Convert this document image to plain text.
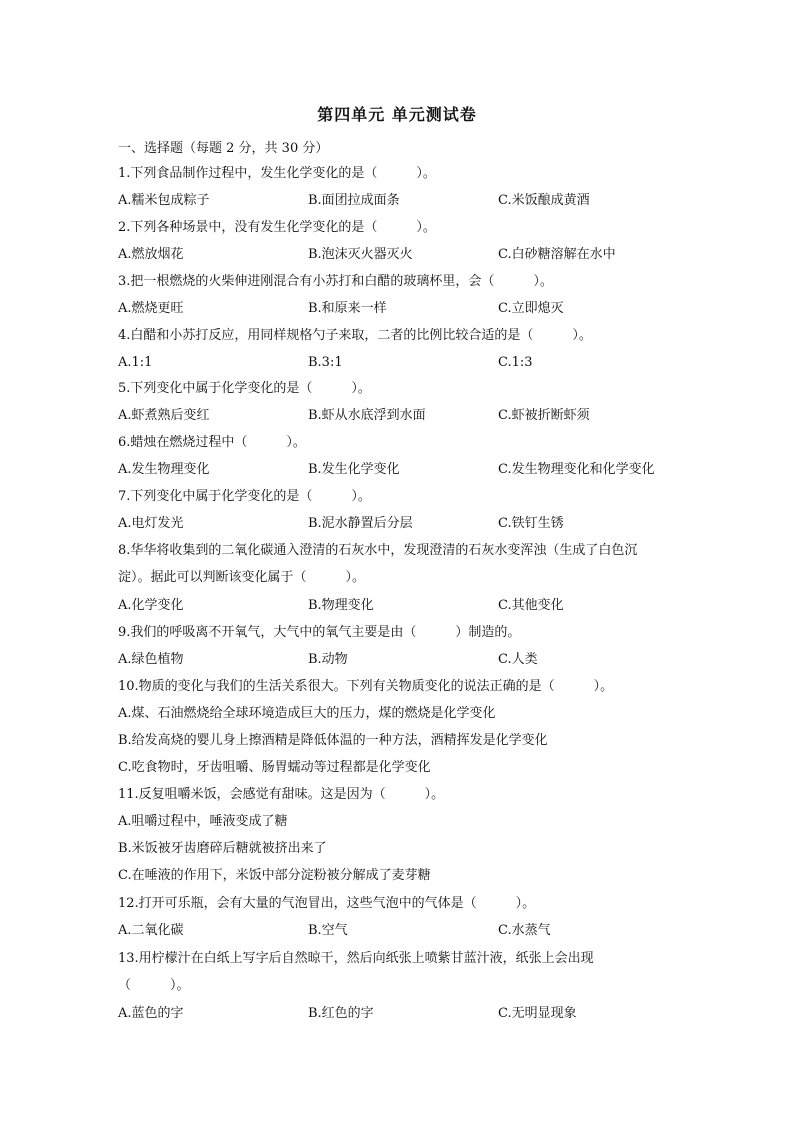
第四单元 单元测试卷
一、选择题（每题 2 分，共 30 分）
1.下列食品制作过程中，发生化学变化的是（　　　）。
A.糯米包成粽子	B.面团拉成面条	C.米饭酿成黄酒
2.下列各种场景中，没有发生化学变化的是（　　　）。
A.燃放烟花	B.泡沫灭火器灭火	C.白砂糖溶解在水中
3.把一根燃烧的火柴伸进刚混合有小苏打和白醋的玻璃杯里，会（　　　）。
A.燃烧更旺	B.和原来一样	C.立即熄灭
4.白醋和小苏打反应，用同样规格勺子来取，二者的比例比较合适的是（　　　）。
A.1:1	B.3:1	C.1:3
5.下列变化中属于化学变化的是（　　　）。
A.虾煮熟后变红	B.虾从水底浮到水面	C.虾被折断虾须
6.蜡烛在燃烧过程中（　　　）。
A.发生物理变化	B.发生化学变化	C.发生物理变化和化学变化
7.下列变化中属于化学变化的是（　　　）。
A.电灯发光	B.泥水静置后分层	C.铁钉生锈
8.华华将收集到的二氧化碳通入澄清的石灰水中，发现澄清的石灰水变浑浊（生成了白色沉
淀）。据此可以判断该变化属于（　　　）。
A.化学变化	B.物理变化	C.其他变化
9.我们的呼吸离不开氧气，大气中的氧气主要是由（　　　）制造的。
A.绿色植物	B.动物	C.人类
10.物质的变化与我们的生活关系很大。下列有关物质变化的说法正确的是（　　　）。
A.煤、石油燃烧给全球环境造成巨大的压力，煤的燃烧是化学变化
B.给发高烧的婴儿身上擦酒精是降低体温的一种方法，酒精挥发是化学变化
C.吃食物时，牙齿咀嚼、肠胃蠕动等过程都是化学变化
11.反复咀嚼米饭，会感觉有甜味。这是因为（　　　）。
A.咀嚼过程中，唾液变成了糖
B.米饭被牙齿磨碎后糖就被挤出来了
C.在唾液的作用下，米饭中部分淀粉被分解成了麦芽糖
12.打开可乐瓶，会有大量的气泡冒出，这些气泡中的气体是（　　　）。
A.二氧化碳	B.空气	C.水蒸气
13.用柠檬汁在白纸上写字后自然晾干，然后向纸张上喷紫甘蓝汁液，纸张上会出现
（　　　）。
A.蓝色的字	B.红色的字	C.无明显现象
